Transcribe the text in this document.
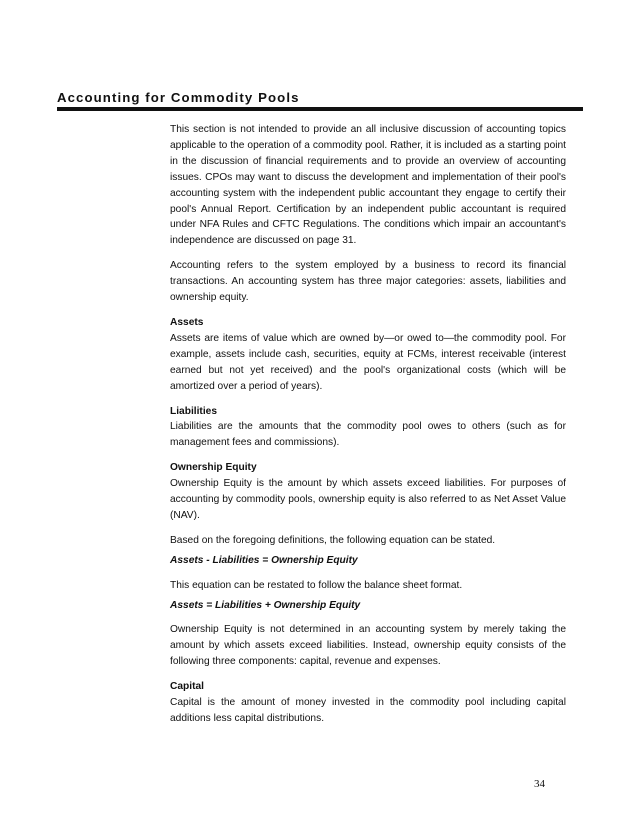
Accounting for Commodity Pools

This section is not intended to provide an all inclusive discussion of accounting topics applicable to the operation of a commodity pool. Rather, it is included as a starting point in the discussion of financial requirements and to provide an overview of accounting issues. CPOs may want to discuss the development and implementation of their pool's accounting system with the independent public accountant they engage to certify their pool's Annual Report. Certification by an independent public accountant is required under NFA Rules and CFTC Regulations. The conditions which impair an accountant's independence are discussed on page 31.

Accounting refers to the system employed by a business to record its financial transactions. An accounting system has three major categories: assets, liabilities and ownership equity.

Assets

Assets are items of value which are owned by—or owed to—the commodity pool. For example, assets include cash, securities, equity at FCMs, interest receivable (interest earned but not yet received) and the pool's organizational costs (which will be amortized over a period of years).

Liabilities

Liabilities are the amounts that the commodity pool owes to others (such as for management fees and commissions).

Ownership Equity

Ownership Equity is the amount by which assets exceed liabilities. For purposes of accounting by commodity pools, ownership equity is also referred to as Net Asset Value (NAV).

Based on the foregoing definitions, the following equation can be stated.

Assets - Liabilities = Ownership Equity

This equation can be restated to follow the balance sheet format.

Assets = Liabilities + Ownership Equity

Ownership Equity is not determined in an accounting system by merely taking the amount by which assets exceed liabilities. Instead, ownership equity consists of the following three components: capital, revenue and expenses.

Capital

Capital is the amount of money invested in the commodity pool including capital additions less capital distributions.

34
